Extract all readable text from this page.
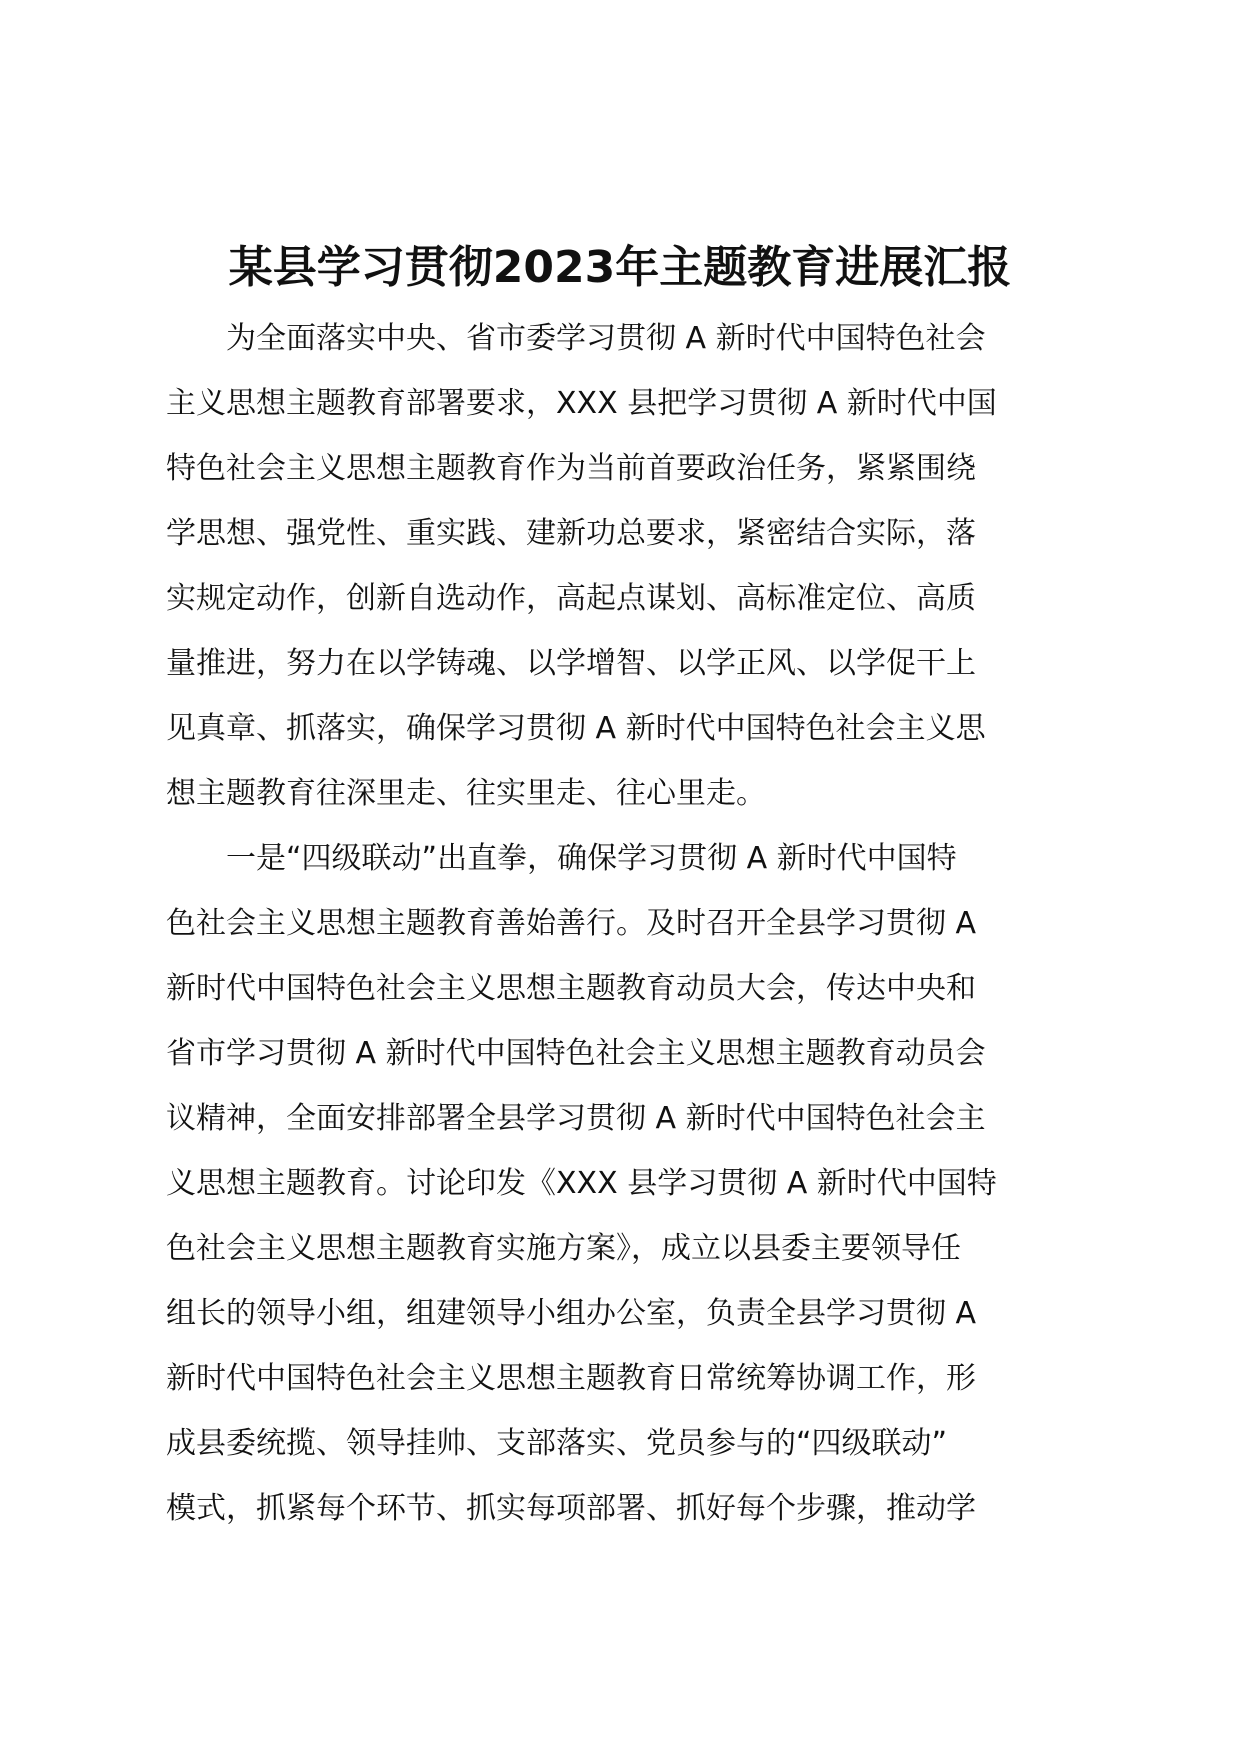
某县学习贯彻2023年主题教育进展汇报

为全面落实中央、省市委学习贯彻 A 新时代中国特色社会
主义思想主题教育部署要求，XXX 县把学习贯彻 A 新时代中国
特色社会主义思想主题教育作为当前首要政治任务，紧紧围绕
学思想、强党性、重实践、建新功总要求，紧密结合实际，落
实规定动作，创新自选动作，高起点谋划、高标准定位、高质
量推进，努力在以学铸魂、以学增智、以学正风、以学促干上
见真章、抓落实，确保学习贯彻 A 新时代中国特色社会主义思
想主题教育往深里走、往实里走、往心里走。

一是“四级联动”出直拳，确保学习贯彻 A 新时代中国特
色社会主义思想主题教育善始善行。及时召开全县学习贯彻 A
新时代中国特色社会主义思想主题教育动员大会，传达中央和
省市学习贯彻 A 新时代中国特色社会主义思想主题教育动员会
议精神，全面安排部署全县学习贯彻 A 新时代中国特色社会主
义思想主题教育。讨论印发《XXX 县学习贯彻 A 新时代中国特
色社会主义思想主题教育实施方案》，成立以县委主要领导任
组长的领导小组，组建领导小组办公室，负责全县学习贯彻 A
新时代中国特色社会主义思想主题教育日常统筹协调工作，形
成县委统揽、领导挂帅、支部落实、党员参与的“四级联动”
模式，抓紧每个环节、抓实每项部署、抓好每个步骤，推动学
